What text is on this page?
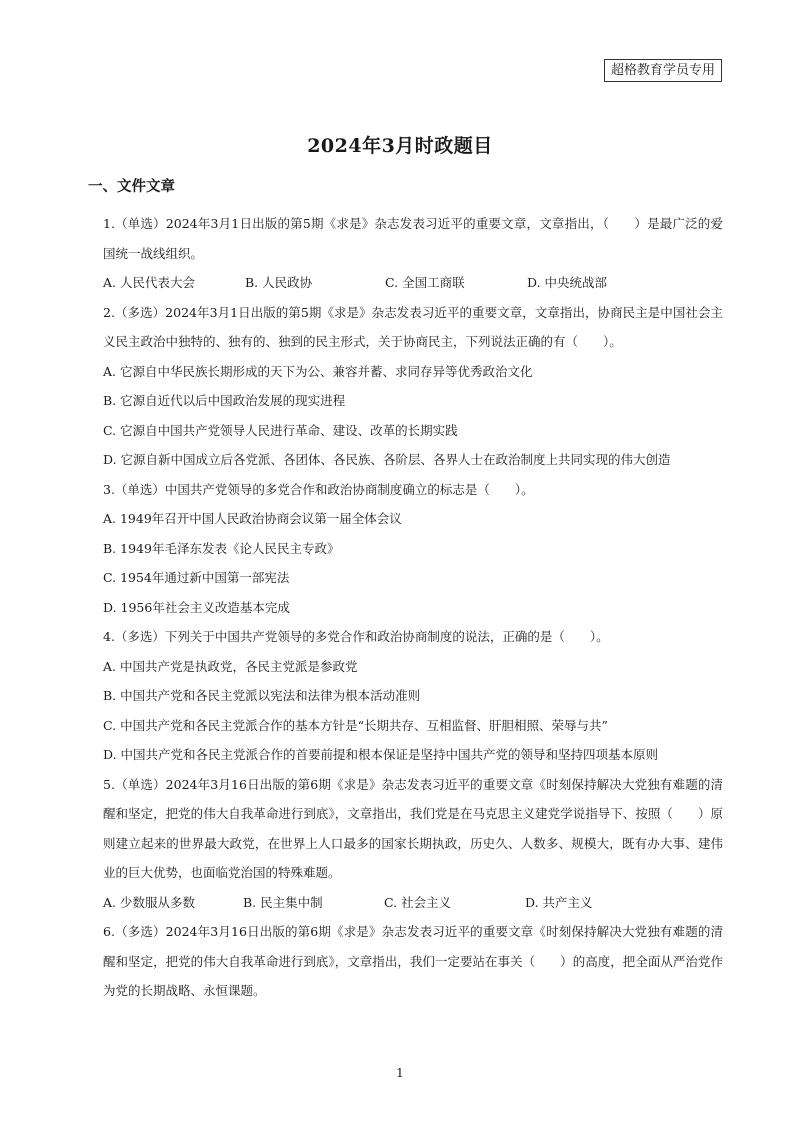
超格教育学员专用
2024年3月时政题目
一、文件文章
1.（单选）2024年3月1日出版的第5期《求是》杂志发表习近平的重要文章，文章指出，（　　）是最广泛的爱国统一战线组织。
A. 人民代表大会	B. 人民政协	C. 全国工商联	D. 中央统战部
2.（多选）2024年3月1日出版的第5期《求是》杂志发表习近平的重要文章，文章指出，协商民主是中国社会主义民主政治中独特的、独有的、独到的民主形式，关于协商民主，下列说法正确的有（　　）。
A. 它源自中华民族长期形成的天下为公、兼容并蓄、求同存异等优秀政治文化
B. 它源自近代以后中国政治发展的现实进程
C. 它源自中国共产党领导人民进行革命、建设、改革的长期实践
D. 它源自新中国成立后各党派、各团体、各民族、各阶层、各界人士在政治制度上共同实现的伟大创造
3.（单选）中国共产党领导的多党合作和政治协商制度确立的标志是（　　）。
A. 1949年召开中国人民政治协商会议第一届全体会议
B. 1949年毛泽东发表《论人民民主专政》
C. 1954年通过新中国第一部宪法
D. 1956年社会主义改造基本完成
4.（多选）下列关于中国共产党领导的多党合作和政治协商制度的说法，正确的是（　　）。
A. 中国共产党是执政党，各民主党派是参政党
B. 中国共产党和各民主党派以宪法和法律为根本活动准则
C. 中国共产党和各民主党派合作的基本方针是“长期共存、互相监督、肝胆相照、荣辱与共”
D. 中国共产党和各民主党派合作的首要前提和根本保证是坚持中国共产党的领导和坚持四项基本原则
5.（单选）2024年3月16日出版的第6期《求是》杂志发表习近平的重要文章《时刻保持解决大党独有难题的清醒和坚定，把党的伟大自我革命进行到底》，文章指出，我们党是在马克思主义建党学说指导下、按照（　　）原则建立起来的世界最大政党，在世界上人口最多的国家长期执政，历史久、人数多、规模大，既有办大事、建伟业的巨大优势，也面临党治国的特殊难题。
A. 少数服从多数	B. 民主集中制	C. 社会主义	D. 共产主义
6.（多选）2024年3月16日出版的第6期《求是》杂志发表习近平的重要文章《时刻保持解决大党独有难题的清醒和坚定，把党的伟大自我革命进行到底》，文章指出，我们一定要站在事关（　　）的高度，把全面从严治党作为党的长期战略、永恒课题。
1
